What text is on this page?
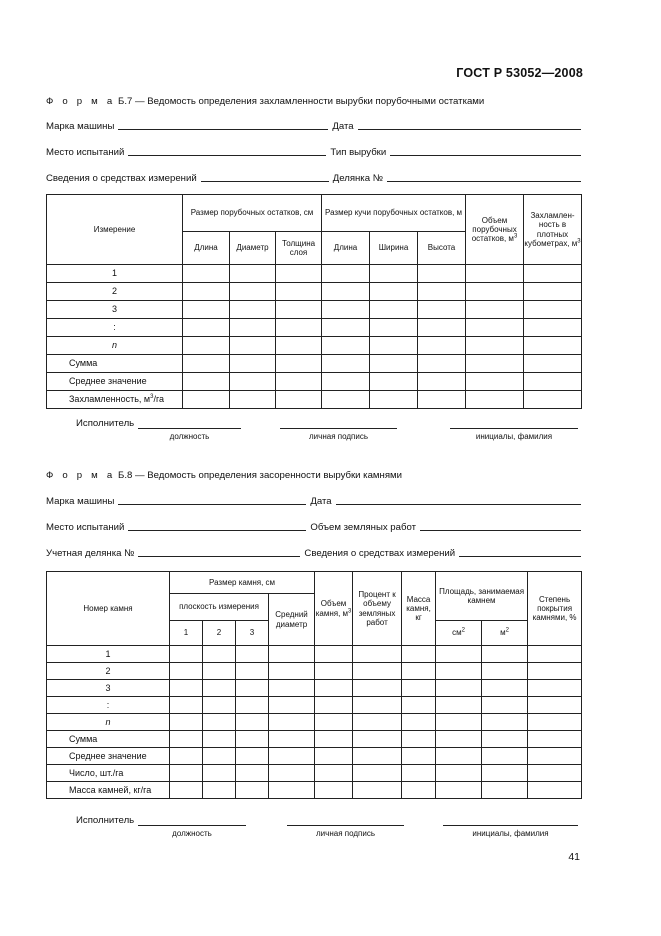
ГОСТ Р 53052—2008
Ф о р м а Б.7 — Ведомость определения захламленности вырубки порубочными остатками
Марка машины	Дата
Место испытаний	Тип вырубки
Сведения о средствах измерений	Делянка №
Измерение	Размер порубочных остатков, см			Размер кучи порубочных остатков, м			Объем порубочных остатков, $м^3$	Захламлен-ность в плотных кубометрах, $м^3$
	Длина	Диаметр	Толщина слоя	Длина	Ширина	Высота		
1								
2								
3								
:								
n								
Сумма								
Среднее значение								
Захламленность, $м^3/га$								
Исполнитель
должность	личная подпись	инициалы, фамилия
Ф о р м а Б.8 — Ведомость определения засоренности вырубки камнями
Марка машины	Дата
Место испытаний	Объем земляных работ
Учетная делянка №	Сведения о средствах измерений
Номер камня	Размер камня, см				Объем камня, $м^3$	Процент к объему земляных работ	Масса камня, кг	Площадь, занимаемая камнем		Степень покрытия камнями, %
	плоскость измерения			Средний диаметр						
	1	2	3					$см^2$	$м^2$
1										
2										
3										
:										
n										
Сумма										
Среднее значение										
Число, шт./га										
Масса камней, кг/га										
Исполнитель
должность	личная подпись	инициалы, фамилия
41
